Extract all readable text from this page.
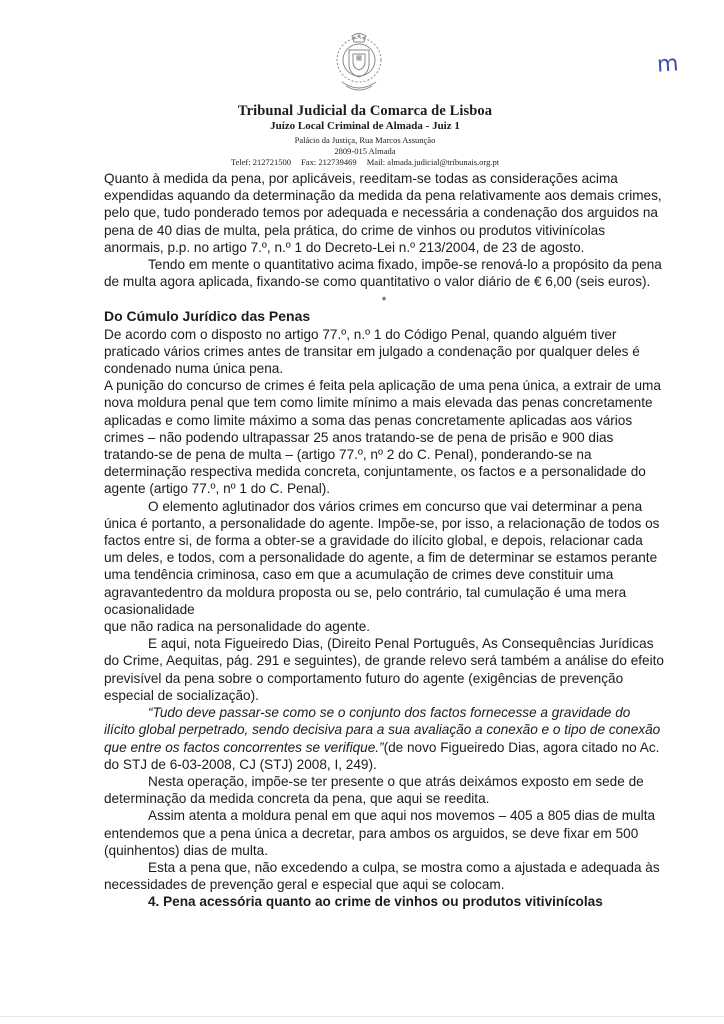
m
Tribunal Judicial da Comarca de Lisboa
Juízo Local Criminal de Almada - Juiz 1
Palácio da Justiça, Rua Marcos Assunção
2809-015 Almada
Telef: 212721500 Fax: 212739469 Mail: almada.judicial@tribunais.org.pt

Quanto à medida da pena, por aplicáveis, reeditam-se todas as considerações acima expendidas aquando da determinação da medida da pena relativamente aos demais crimes, pelo que, tudo ponderado temos por adequada e necessária a condenação dos arguidos na pena de 40 dias de multa, pela prática, do crime de vinhos ou produtos vitivinícolas anormais, p.p. no artigo 7.º, n.º 1 do Decreto-Lei n.º 213/2004, de 23 de agosto.

Tendo em mente o quantitativo acima fixado, impõe-se renová-lo a propósito da pena de multa agora aplicada, fixando-se como quantitativo o valor diário de € 6,00 (seis euros).

*

Do Cúmulo Jurídico das Penas

De acordo com o disposto no artigo 77.º, n.º 1 do Código Penal, quando alguém tiver praticado vários crimes antes de transitar em julgado a condenação por qualquer deles é condenado numa única pena.

A punição do concurso de crimes é feita pela aplicação de uma pena única, a extrair de uma nova moldura penal que tem como limite mínimo a mais elevada das penas concretamente aplicadas e como limite máximo a soma das penas concretamente aplicadas aos vários crimes – não podendo ultrapassar 25 anos tratando-se de pena de prisão e 900 dias tratando-se de pena de multa – (artigo 77.º, nº 2 do C. Penal), ponderando-se na determinação respectiva medida concreta, conjuntamente, os factos e a personalidade do agente (artigo 77.º, nº 1 do C. Penal).

O elemento aglutinador dos vários crimes em concurso que vai determinar a pena única é portanto, a personalidade do agente. Impõe-se, por isso, a relacionação de todos os factos entre si, de forma a obter-se a gravidade do ilícito global, e depois, relacionar cada um deles, e todos, com a personalidade do agente, a fim de determinar se estamos perante uma tendência criminosa, caso em que a acumulação de crimes deve constituir uma agravantedentro da moldura proposta ou se, pelo contrário, tal cumulação é uma mera ocasionalidade

que não radica na personalidade do agente.

E aqui, nota Figueiredo Dias, (Direito Penal Português, As Consequências Jurídicas do Crime, Aequitas, pág. 291 e seguintes), de grande relevo será também a análise do efeito previsível da pena sobre o comportamento futuro do agente (exigências de prevenção especial de socialização).

“Tudo deve passar-se como se o conjunto dos factos fornecesse a gravidade do ilícito global perpetrado, sendo decisiva para a sua avaliação a conexão e o tipo de conexão que entre os factos concorrentes se verifique.”(de novo Figueiredo Dias, agora citado no Ac. do STJ de 6-03-2008, CJ (STJ) 2008, I, 249).

Nesta operação, impõe-se ter presente o que atrás deixámos exposto em sede de determinação da medida concreta da pena, que aqui se reedita.

Assim atenta a moldura penal em que aqui nos movemos – 405 a 805 dias de multa entendemos que a pena única a decretar, para ambos os arguidos, se deve fixar em 500 (quinhentos) dias de multa.

Esta a pena que, não excedendo a culpa, se mostra como a ajustada e adequada às necessidades de prevenção geral e especial que aqui se colocam.

4. Pena acessória quanto ao crime de vinhos ou produtos vitivinícolas
